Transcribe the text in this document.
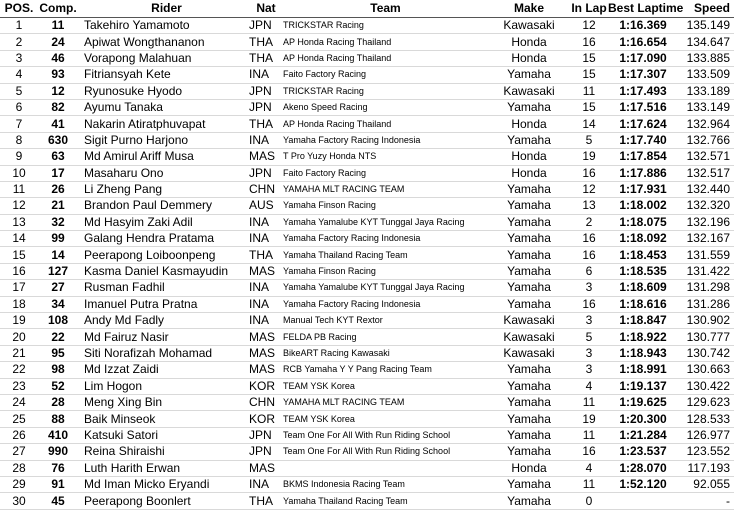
POS.	Comp.	Rider	Nat	Team	Make	In Lap	Best Laptime	Speed
1	11	Takehiro Yamamoto	JPN	TRICKSTAR Racing	Kawasaki	12	1:16.369	135.149
2	24	Apiwat Wongthananon	THA	AP Honda Racing Thailand	Honda	16	1:16.654	134.647
3	46	Vorapong Malahuan	THA	AP Honda Racing Thailand	Honda	15	1:17.090	133.885
4	93	Fitriansyah Kete	INA	Faito Factory Racing	Yamaha	15	1:17.307	133.509
5	12	Ryunosuke Hyodo	JPN	TRICKSTAR Racing	Kawasaki	11	1:17.493	133.189
6	82	Ayumu Tanaka	JPN	Akeno Speed Racing	Yamaha	15	1:17.516	133.149
7	41	Nakarin Atiratphuvapat	THA	AP Honda Racing Thailand	Honda	14	1:17.624	132.964
8	630	Sigit Purno Harjono	INA	Yamaha Factory Racing Indonesia	Yamaha	5	1:17.740	132.766
9	63	Md Amirul Ariff Musa	MAS	T Pro Yuzy Honda NTS	Honda	19	1:17.854	132.571
10	17	Masaharu Ono	JPN	Faito Factory Racing	Honda	16	1:17.886	132.517
11	26	Li Zheng Pang	CHN	YAMAHA MLT RACING TEAM	Yamaha	12	1:17.931	132.440
12	21	Brandon Paul Demmery	AUS	Yamaha Finson Racing	Yamaha	13	1:18.002	132.320
13	32	Md Hasyim Zaki Adil	INA	Yamaha Yamalube KYT Tunggal Jaya Racing	Yamaha	2	1:18.075	132.196
14	99	Galang Hendra Pratama	INA	Yamaha Factory Racing Indonesia	Yamaha	16	1:18.092	132.167
15	14	Peerapong Loiboonpeng	THA	Yamaha Thailand Racing Team	Yamaha	16	1:18.453	131.559
16	127	Kasma Daniel Kasmayudin	MAS	Yamaha Finson Racing	Yamaha	6	1:18.535	131.422
17	27	Rusman Fadhil	INA	Yamaha Yamalube KYT Tunggal Jaya Racing	Yamaha	3	1:18.609	131.298
18	34	Imanuel Putra Pratna	INA	Yamaha Factory Racing Indonesia	Yamaha	16	1:18.616	131.286
19	108	Andy Md Fadly	INA	Manual Tech KYT Rextor	Kawasaki	3	1:18.847	130.902
20	22	Md Fairuz Nasir	MAS	FELDA PB Racing	Kawasaki	5	1:18.922	130.777
21	95	Siti Norafizah Mohamad	MAS	BikeART Racing Kawasaki	Kawasaki	3	1:18.943	130.742
22	98	Md Izzat Zaidi	MAS	RCB Yamaha Y Y Pang Racing Team	Yamaha	3	1:18.991	130.663
23	52	Lim Hogon	KOR	TEAM YSK Korea	Yamaha	4	1:19.137	130.422
24	28	Meng Xing Bin	CHN	YAMAHA MLT RACING TEAM	Yamaha	11	1:19.625	129.623
25	88	Baik Minseok	KOR	TEAM YSK Korea	Yamaha	19	1:20.300	128.533
26	410	Katsuki Satori	JPN	Team One For All With Run Riding School	Yamaha	11	1:21.284	126.977
27	990	Reina Shiraishi	JPN	Team One For All With Run Riding School	Yamaha	16	1:23.537	123.552
28	76	Luth Harith Erwan	MAS		Honda	4	1:28.070	117.193
29	91	Md Iman Micko Eryandi	INA	BKMS Indonesia Racing Team	Yamaha	11	1:52.120	92.055
30	45	Peerapong Boonlert	THA	Yamaha Thailand Racing Team	Yamaha	0		-
